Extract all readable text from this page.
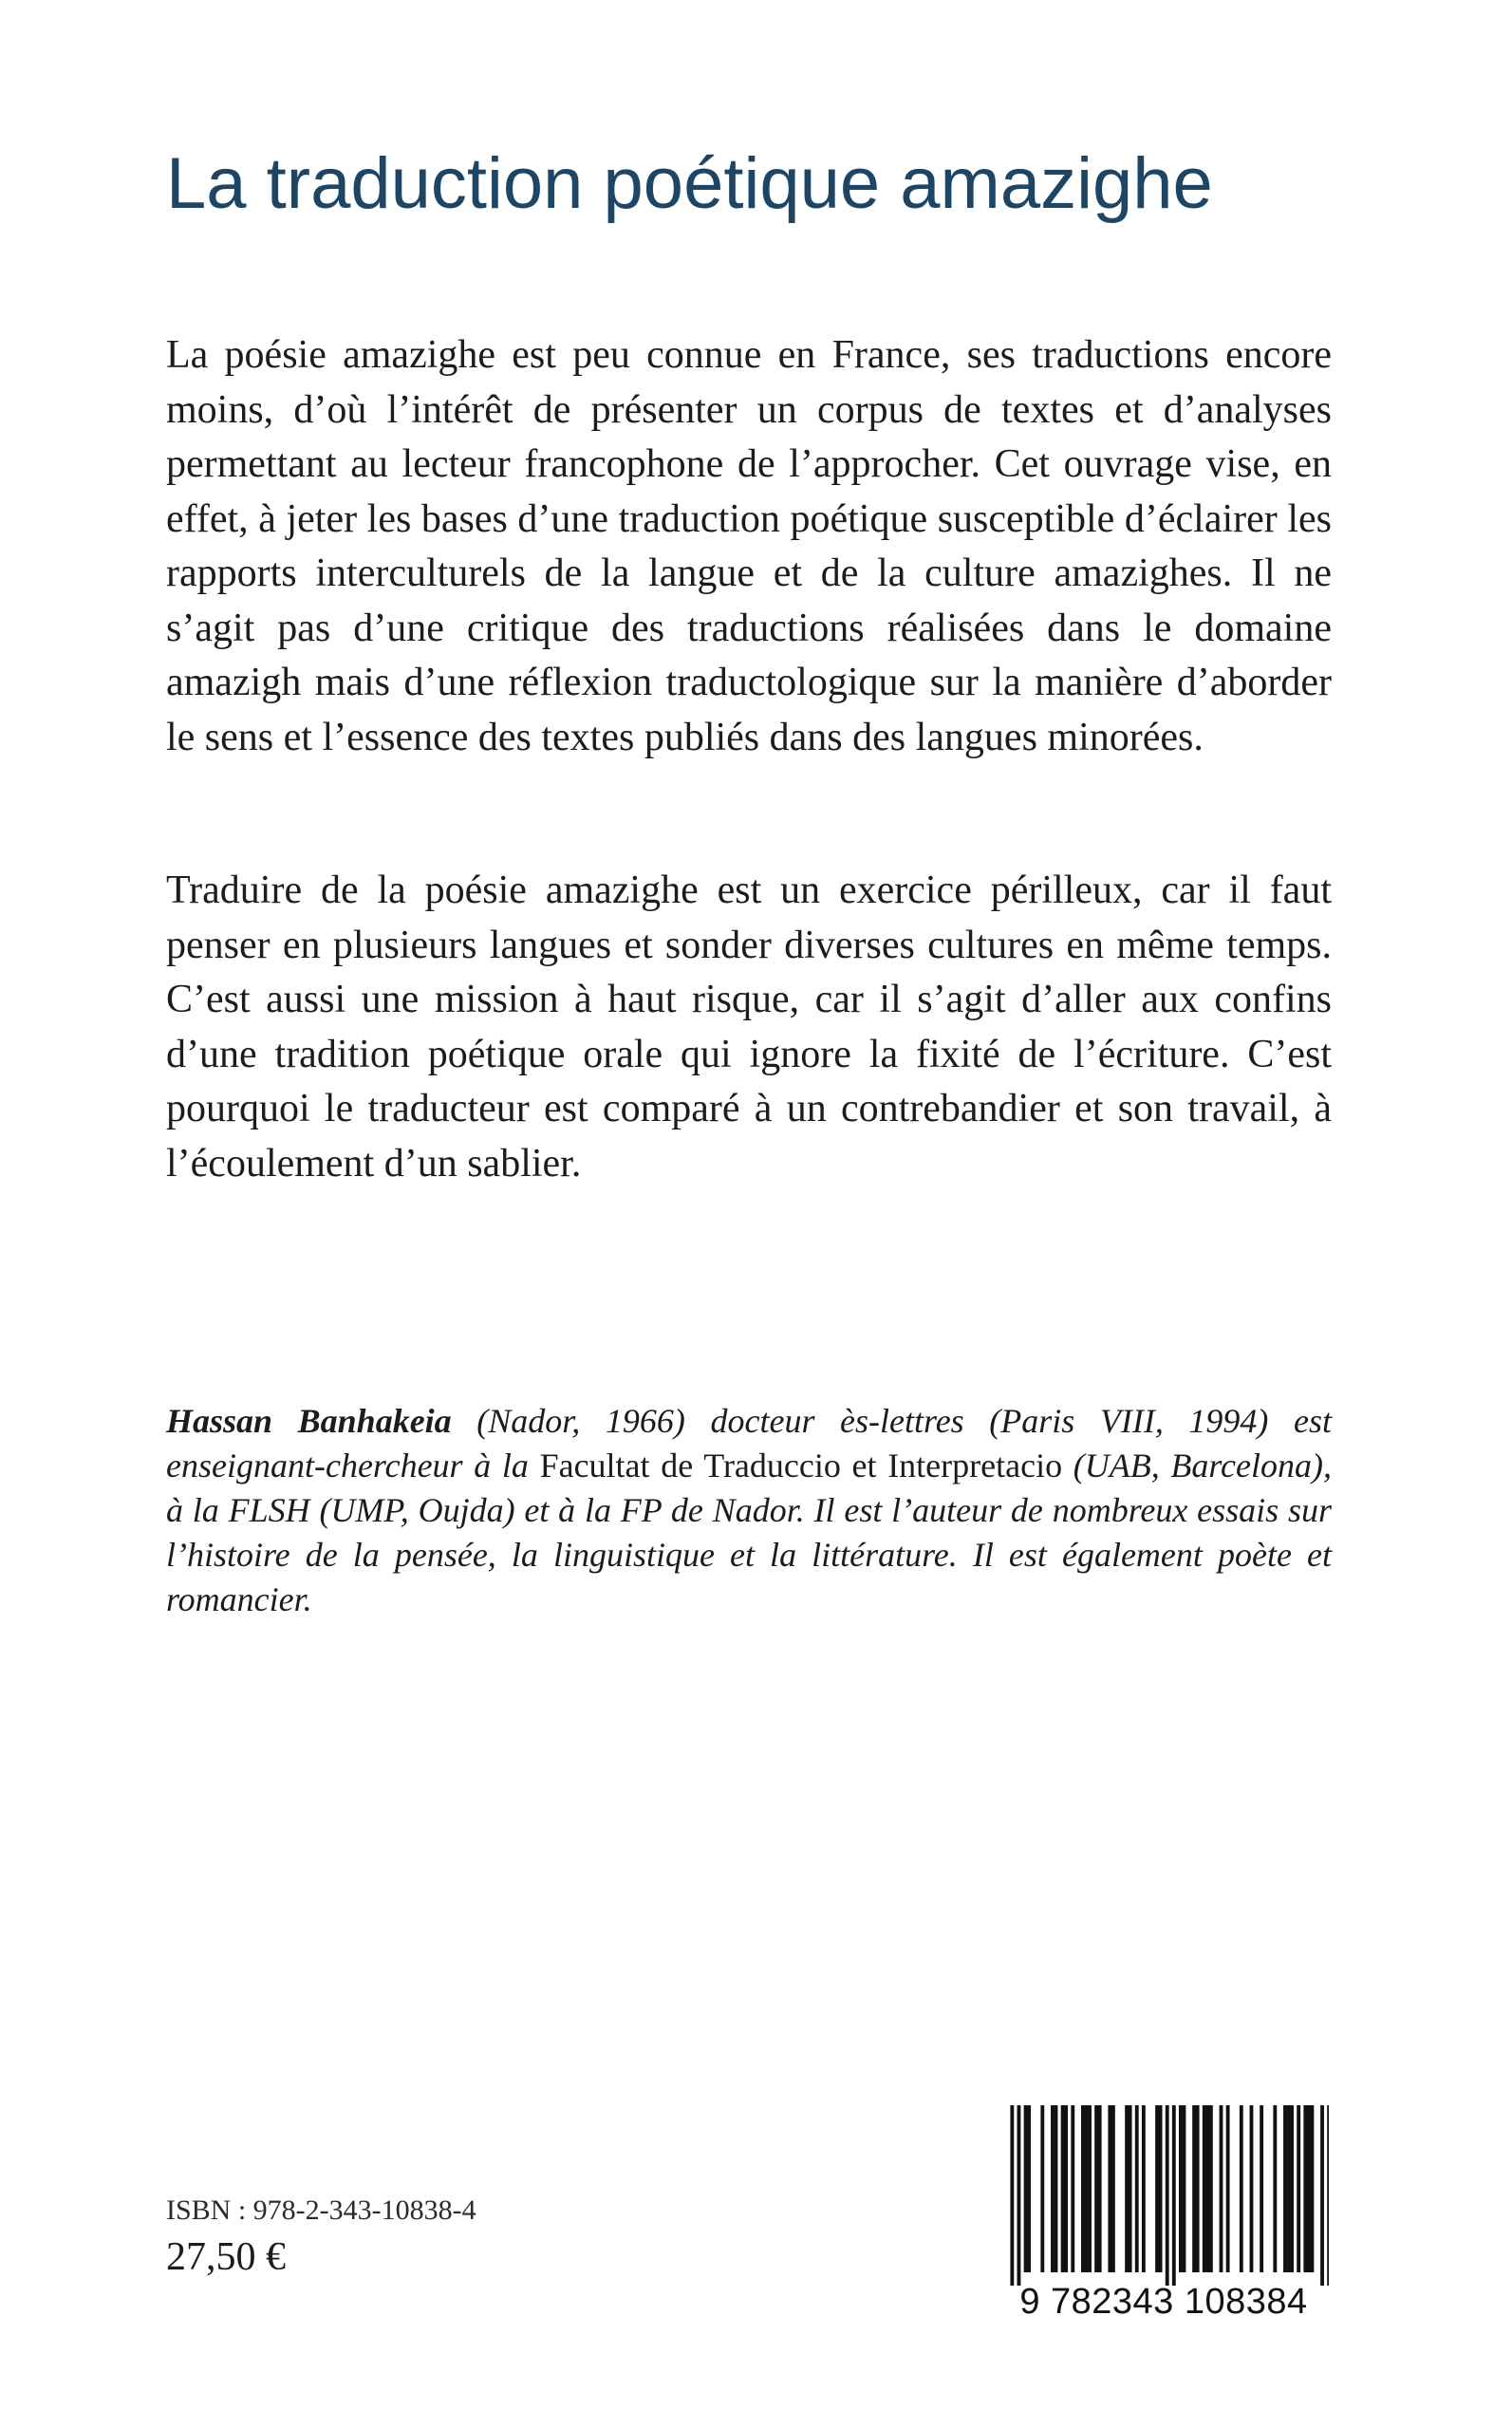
La traduction poétique amazighe

La poésie amazighe est peu connue en France, ses traductions encore moins, d’où l’intérêt de présenter un corpus de textes et d’analyses permettant au lecteur francophone de l’approcher. Cet ouvrage vise, en effet, à jeter les bases d’une traduction poétique susceptible d’éclairer les rapports interculturels de la langue et de la culture amazighes. Il ne s’agit pas d’une critique des traductions réalisées dans le domaine amazigh mais d’une réflexion traductologique sur la manière d’aborder le sens et l’essence des textes publiés dans des langues minorées.

Traduire de la poésie amazighe est un exercice périlleux, car il faut penser en plusieurs langues et sonder diverses cultures en même temps. C’est aussi une mission à haut risque, car il s’agit d’aller aux confins d’une tradition poétique orale qui ignore la fixité de l’écriture. C’est pourquoi le traducteur est comparé à un contrebandier et son travail, à l’écoulement d’un sablier.

Hassan Banhakeia (Nador, 1966) docteur ès-lettres (Paris VIII, 1994) est enseignant-chercheur à la Facultat de Traduccio et Interpretacio (UAB, Barcelona), à la FLSH (UMP, Oujda) et à la FP de Nador. Il est l’auteur de nombreux essais sur l’histoire de la pensée, la linguistique et la littérature. Il est également poète et romancier.

ISBN : 978-2-343-10838-4
27,50 €
9 782343 108384
